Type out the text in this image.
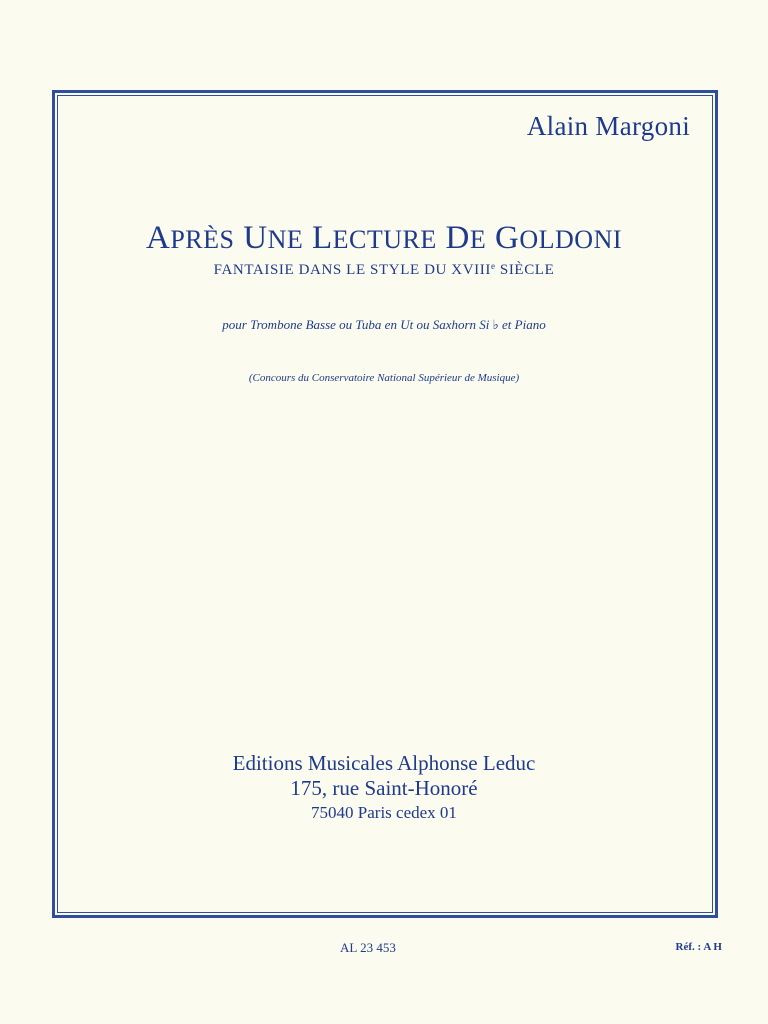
Alain Margoni
APRÈS UNE LECTURE DE GOLDONI
FANTAISIE DANS LE STYLE DU XVIIIe SIÈCLE
pour Trombone Basse ou Tuba en Ut ou Saxhorn Si ♭ et Piano
(Concours du Conservatoire National Supérieur de Musique)
Editions Musicales Alphonse Leduc
175, rue Saint-Honoré
75040 Paris cedex 01
AL 23 453	Réf. : A H
